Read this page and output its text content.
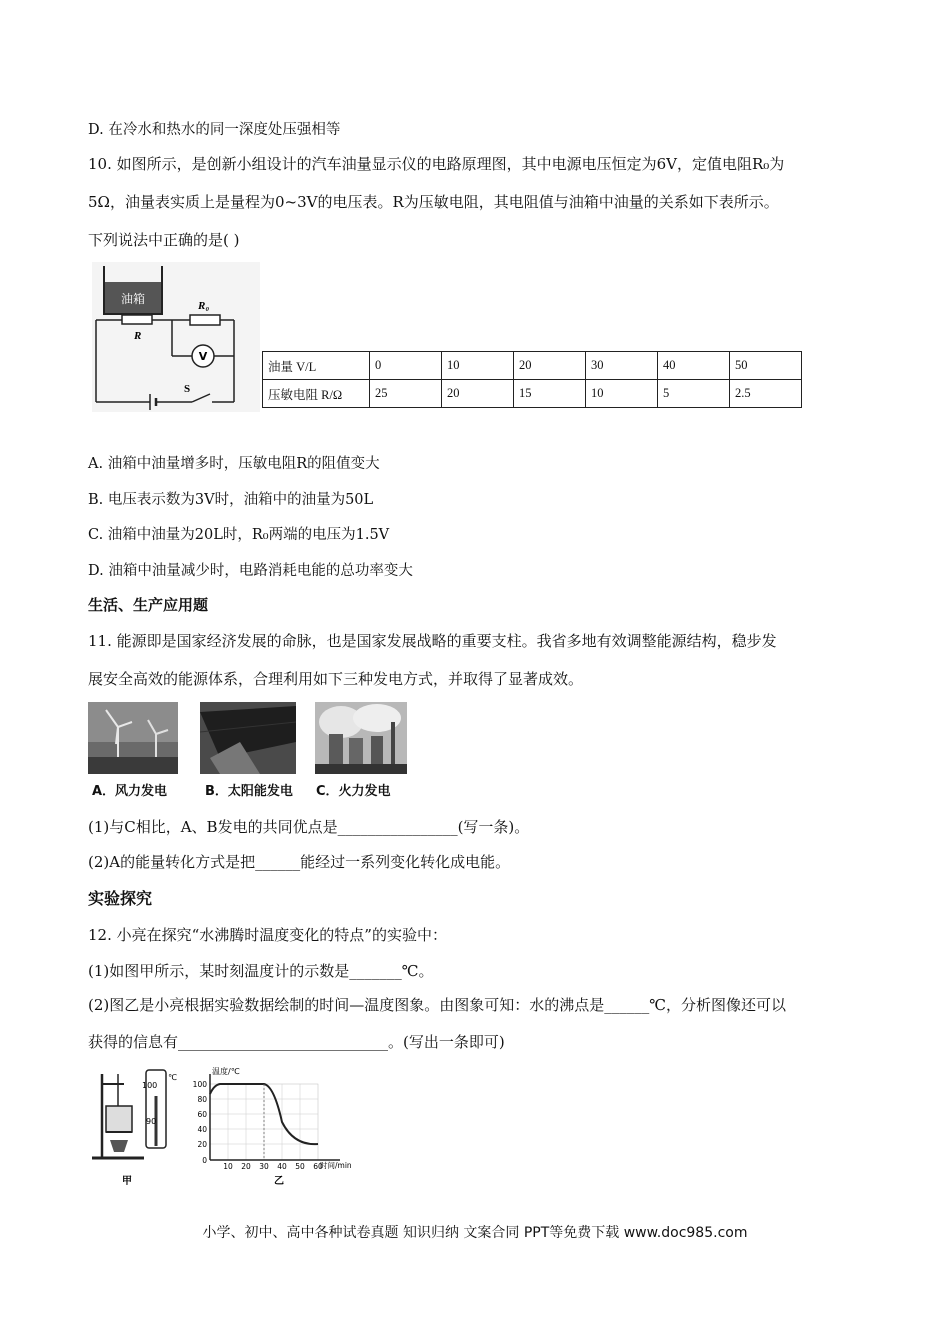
D. 在冷水和热水的同一深度处压强相等
10. 如图所示，是创新小组设计的汽车油量显示仪的电路原理图，其中电源电压恒定为6V，定值电阻R₀为
5Ω，油量表实质上是量程为0~3V的电压表。R为压敏电阻，其电阻值与油箱中油量的关系如下表所示。
下列说法中正确的是( )
油箱
R
R₀
V
S
油量 V/L	0	10	20	30	40	50
压敏电阻 R/Ω	25	20	15	10	5	2.5
A. 油箱中油量增多时，压敏电阻R的阻值变大
B. 电压表示数为3V时，油箱中的油量为50L
C. 油箱中油量为20L时，R₀两端的电压为1.5V
D. 油箱中油量减少时，电路消耗电能的总功率变大
生活、生产应用题
11. 能源即是国家经济发展的命脉，也是国家发展战略的重要支柱。我省多地有效调整能源结构，稳步发
展安全高效的能源体系，合理利用如下三种发电方式，并取得了显著成效。
A．风力发电	B．太阳能发电 C．火力发电
(1)与C相比，A、B发电的共同优点是________________(写一条)。
(2)A的能量转化方式是把______能经过一系列变化转化成电能。
实验探究
12. 小亮在探究“水沸腾时温度变化的特点”的实验中：
(1)如图甲所示，某时刻温度计的示数是_______℃。
(2)图乙是小亮根据实验数据绘制的时间—温度图象。由图象可知：水的沸点是______℃，分析图像还可以
获得的信息有____________________________。(写出一条即可)
100
90
℃
甲
温度/℃
时间/min
100
80
60
40
20
0
10 20 30 40 50 60
乙
小学、初中、高中各种试卷真题 知识归纳 文案合同 PPT等免费下载 www.doc985.com
